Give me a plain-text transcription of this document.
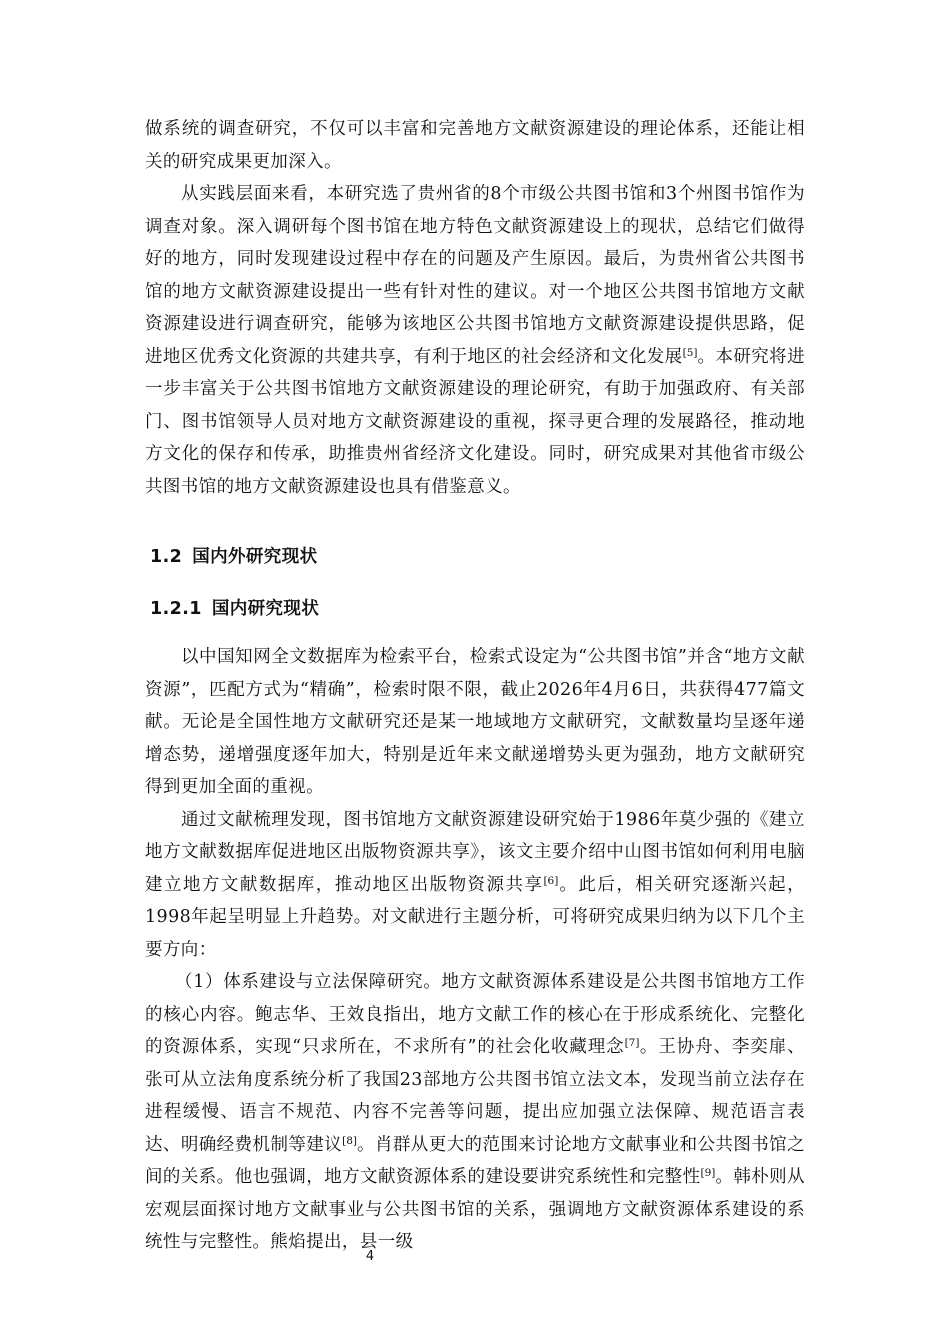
做系统的调查研究，不仅可以丰富和完善地方文献资源建设的理论体系，还能让相关的研究成果更加深入。

从实践层面来看，本研究选了贵州省的8个市级公共图书馆和3个州图书馆作为调查对象。深入调研每个图书馆在地方特色文献资源建设上的现状，总结它们做得好的地方，同时发现建设过程中存在的问题及产生原因。最后，为贵州省公共图书馆的地方文献资源建设提出一些有针对性的建议。对一个地区公共图书馆地方文献资源建设进行调查研究，能够为该地区公共图书馆地方文献资源建设提供思路，促进地区优秀文化资源的共建共享，有利于地区的社会经济和文化发展[5]。本研究将进一步丰富关于公共图书馆地方文献资源建设的理论研究，有助于加强政府、有关部门、图书馆领导人员对地方文献资源建设的重视，探寻更合理的发展路径，推动地方文化的保存和传承，助推贵州省经济文化建设。同时，研究成果对其他省市级公共图书馆的地方文献资源建设也具有借鉴意义。

1.2 国内外研究现状
1.2.1 国内研究现状

以中国知网全文数据库为检索平台，检索式设定为“公共图书馆”并含“地方文献资源”，匹配方式为“精确”，检索时限不限，截止2026年4月6日，共获得477篇文献。无论是全国性地方文献研究还是某一地域地方文献研究，文献数量均呈逐年递增态势，递增强度逐年加大，特别是近年来文献递增势头更为强劲，地方文献研究得到更加全面的重视。

通过文献梳理发现，图书馆地方文献资源建设研究始于1986年莫少强的《建立地方文献数据库促进地区出版物资源共享》，该文主要介绍中山图书馆如何利用电脑建立地方文献数据库，推动地区出版物资源共享[6]。此后，相关研究逐渐兴起，1998年起呈明显上升趋势。对文献进行主题分析，可将研究成果归纳为以下几个主要方向：

（1）体系建设与立法保障研究。地方文献资源体系建设是公共图书馆地方工作的核心内容。鲍志华、王效良指出，地方文献工作的核心在于形成系统化、完整化的资源体系，实现“只求所在，不求所有”的社会化收藏理念[7]。王协舟、李奕扉、张可从立法角度系统分析了我国23部地方公共图书馆立法文本，发现当前立法存在进程缓慢、语言不规范、内容不完善等问题，提出应加强立法保障、规范语言表达、明确经费机制等建议[8]。肖群从更大的范围来讨论地方文献事业和公共图书馆之间的关系。他也强调，地方文献资源体系的建设要讲究系统性和完整性[9]。韩朴则从宏观层面探讨地方文献事业与公共图书馆的关系，强调地方文献资源体系建设的系统性与完整性。熊焰提出，县一级

4
